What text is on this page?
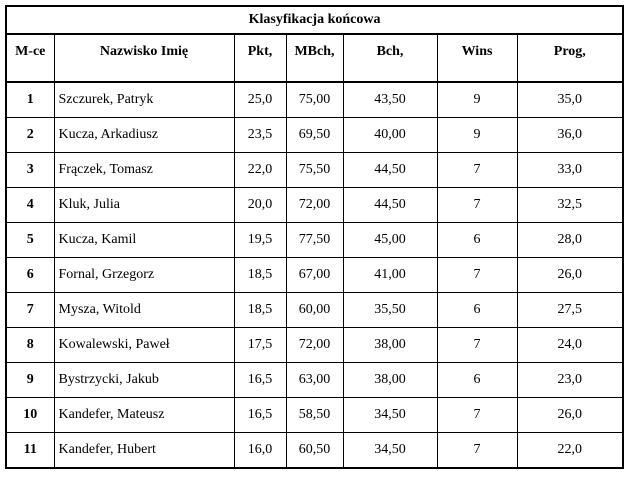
Klasyfikacja końcowa						
M-ce	Nazwisko Imię	Pkt,	MBch,	Bch,	Wins	Prog,
1	Szczurek, Patryk	25,0	75,00	43,50	9	35,0
2	Kucza, Arkadiusz	23,5	69,50	40,00	9	36,0
3	Frączek, Tomasz	22,0	75,50	44,50	7	33,0
4	Kluk, Julia	20,0	72,00	44,50	7	32,5
5	Kucza, Kamil	19,5	77,50	45,00	6	28,0
6	Fornal, Grzegorz	18,5	67,00	41,00	7	26,0
7	Mysza, Witold	18,5	60,00	35,50	6	27,5
8	Kowalewski, Paweł	17,5	72,00	38,00	7	24,0
9	Bystrzycki, Jakub	16,5	63,00	38,00	6	23,0
10	Kandefer, Mateusz	16,5	58,50	34,50	7	26,0
11	Kandefer, Hubert	16,0	60,50	34,50	7	22,0
